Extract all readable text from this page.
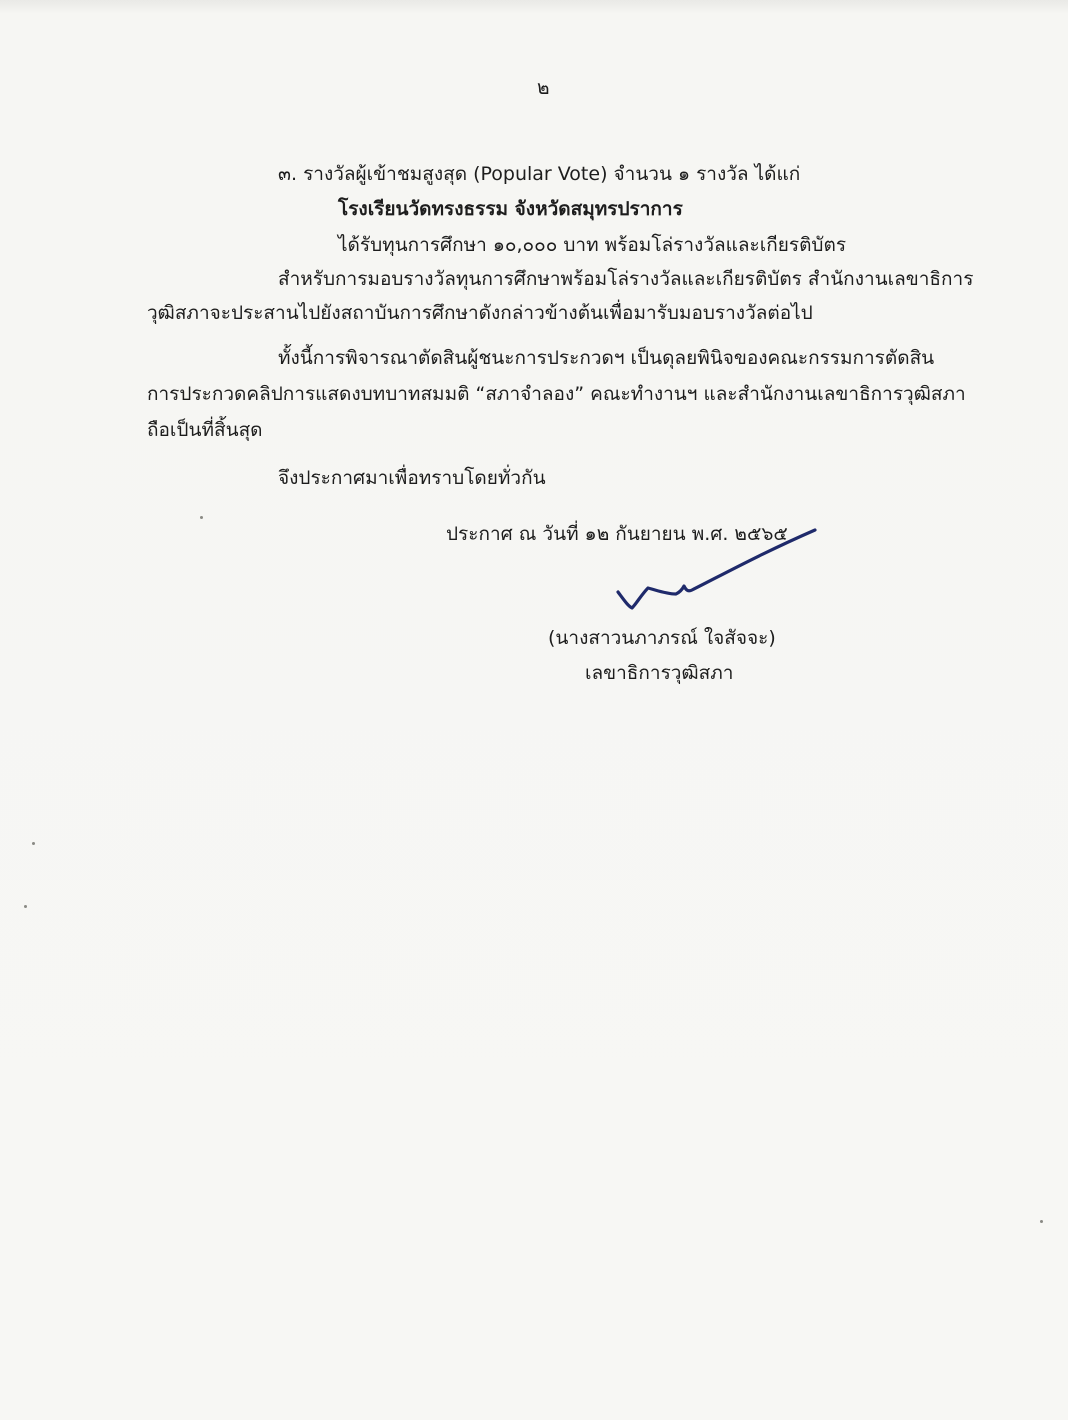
๒
๓. รางวัลผู้เข้าชมสูงสุด (Popular Vote) จำนวน ๑ รางวัล ได้แก่
โรงเรียนวัดทรงธรรม จังหวัดสมุทรปราการ
ได้รับทุนการศึกษา ๑๐,๐๐๐ บาท พร้อมโล่รางวัลและเกียรติบัตร
สำหรับการมอบรางวัลทุนการศึกษาพร้อมโล่รางวัลและเกียรติบัตร สำนักงานเลขาธิการ
วุฒิสภาจะประสานไปยังสถาบันการศึกษาดังกล่าวข้างต้นเพื่อมารับมอบรางวัลต่อไป
ทั้งนี้การพิจารณาตัดสินผู้ชนะการประกวดฯ เป็นดุลยพินิจของคณะกรรมการตัดสิน
การประกวดคลิปการแสดงบทบาทสมมติ “สภาจำลอง” คณะทำงานฯ และสำนักงานเลขาธิการวุฒิสภา
ถือเป็นที่สิ้นสุด
จึงประกาศมาเพื่อทราบโดยทั่วกัน
ประกาศ ณ วันที่ ๑๒ กันยายน พ.ศ. ๒๕๖๕
(นางสาวนภาภรณ์ ใจสัจจะ)
เลขาธิการวุฒิสภา
